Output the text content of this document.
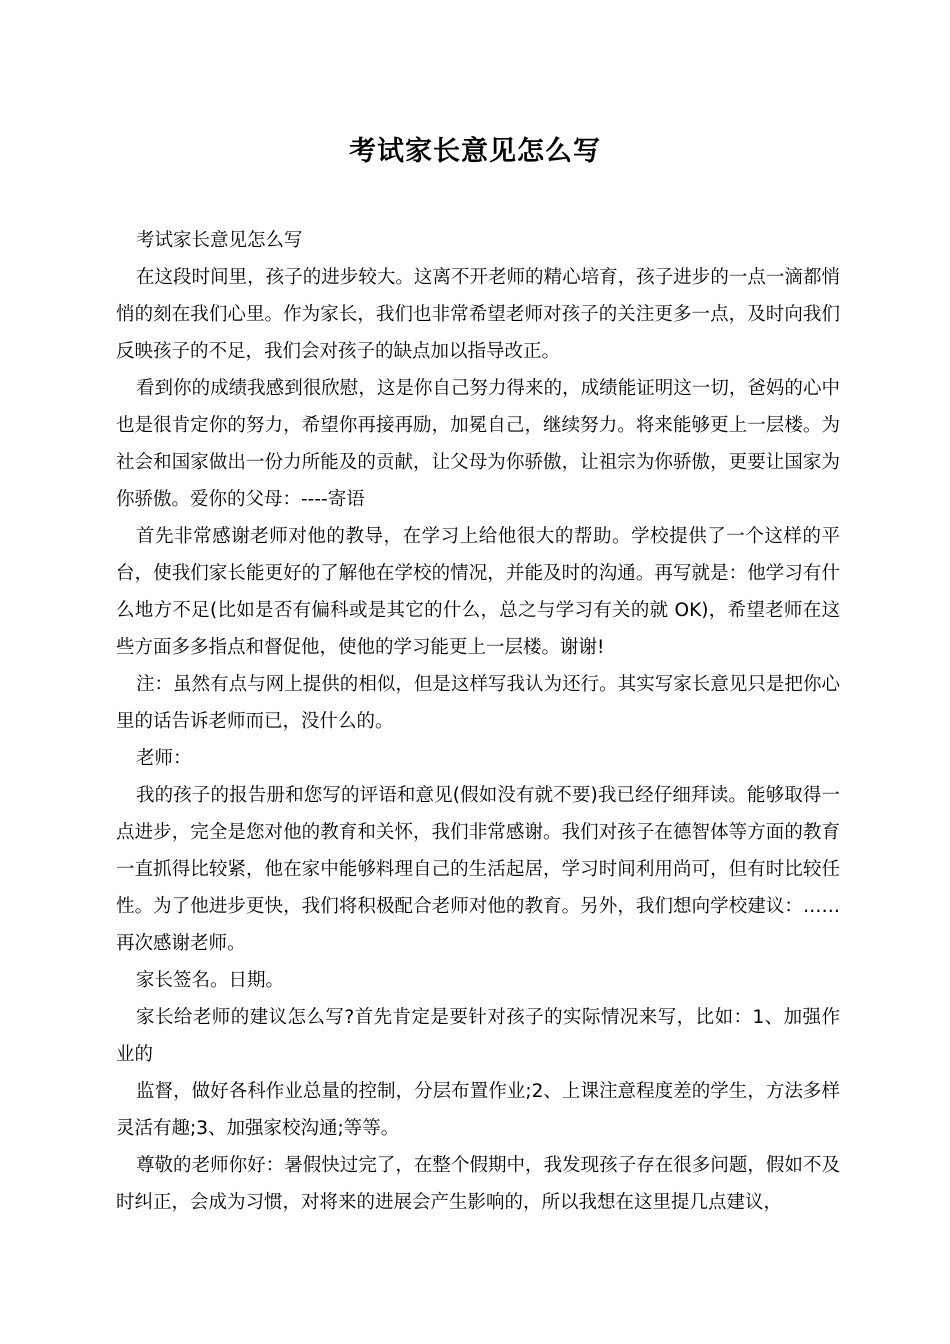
考试家长意见怎么写

考试家长意见怎么写

在这段时间里，孩子的进步较大。这离不开老师的精心培育，孩子进步的一点一滴都悄悄的刻在我们心里。作为家长，我们也非常希望老师对孩子的关注更多一点，及时向我们反映孩子的不足，我们会对孩子的缺点加以指导改正。

看到你的成绩我感到很欣慰，这是你自己努力得来的，成绩能证明这一切，爸妈的心中也是很肯定你的努力，希望你再接再励，加冕自己，继续努力。将来能够更上一层楼。为社会和国家做出一份力所能及的贡献，让父母为你骄傲，让祖宗为你骄傲，更要让国家为你骄傲。爱你的父母：----寄语

首先非常感谢老师对他的教导，在学习上给他很大的帮助。学校提供了一个这样的平台，使我们家长能更好的了解他在学校的情况，并能及时的沟通。再写就是：他学习有什么地方不足(比如是否有偏科或是其它的什么，总之与学习有关的就 OK)，希望老师在这些方面多多指点和督促他，使他的学习能更上一层楼。谢谢!

注：虽然有点与网上提供的相似，但是这样写我认为还行。其实写家长意见只是把你心里的话告诉老师而已，没什么的。

老师：

我的孩子的报告册和您写的评语和意见(假如没有就不要)我已经仔细拜读。能够取得一点进步，完全是您对他的教育和关怀，我们非常感谢。我们对孩子在德智体等方面的教育一直抓得比较紧，他在家中能够料理自己的生活起居，学习时间利用尚可，但有时比较任性。为了他进步更快，我们将积极配合老师对他的教育。另外，我们想向学校建议：……再次感谢老师。

家长签名。日期。

家长给老师的建议怎么写?首先肯定是要针对孩子的实际情况来写，比如：1、加强作业的

监督，做好各科作业总量的控制，分层布置作业;2、上课注意程度差的学生，方法多样灵活有趣;3、加强家校沟通;等等。

尊敬的老师你好：暑假快过完了，在整个假期中，我发现孩子存在很多问题，假如不及时纠正，会成为习惯，对将来的进展会产生影响的，所以我想在这里提几点建议，
